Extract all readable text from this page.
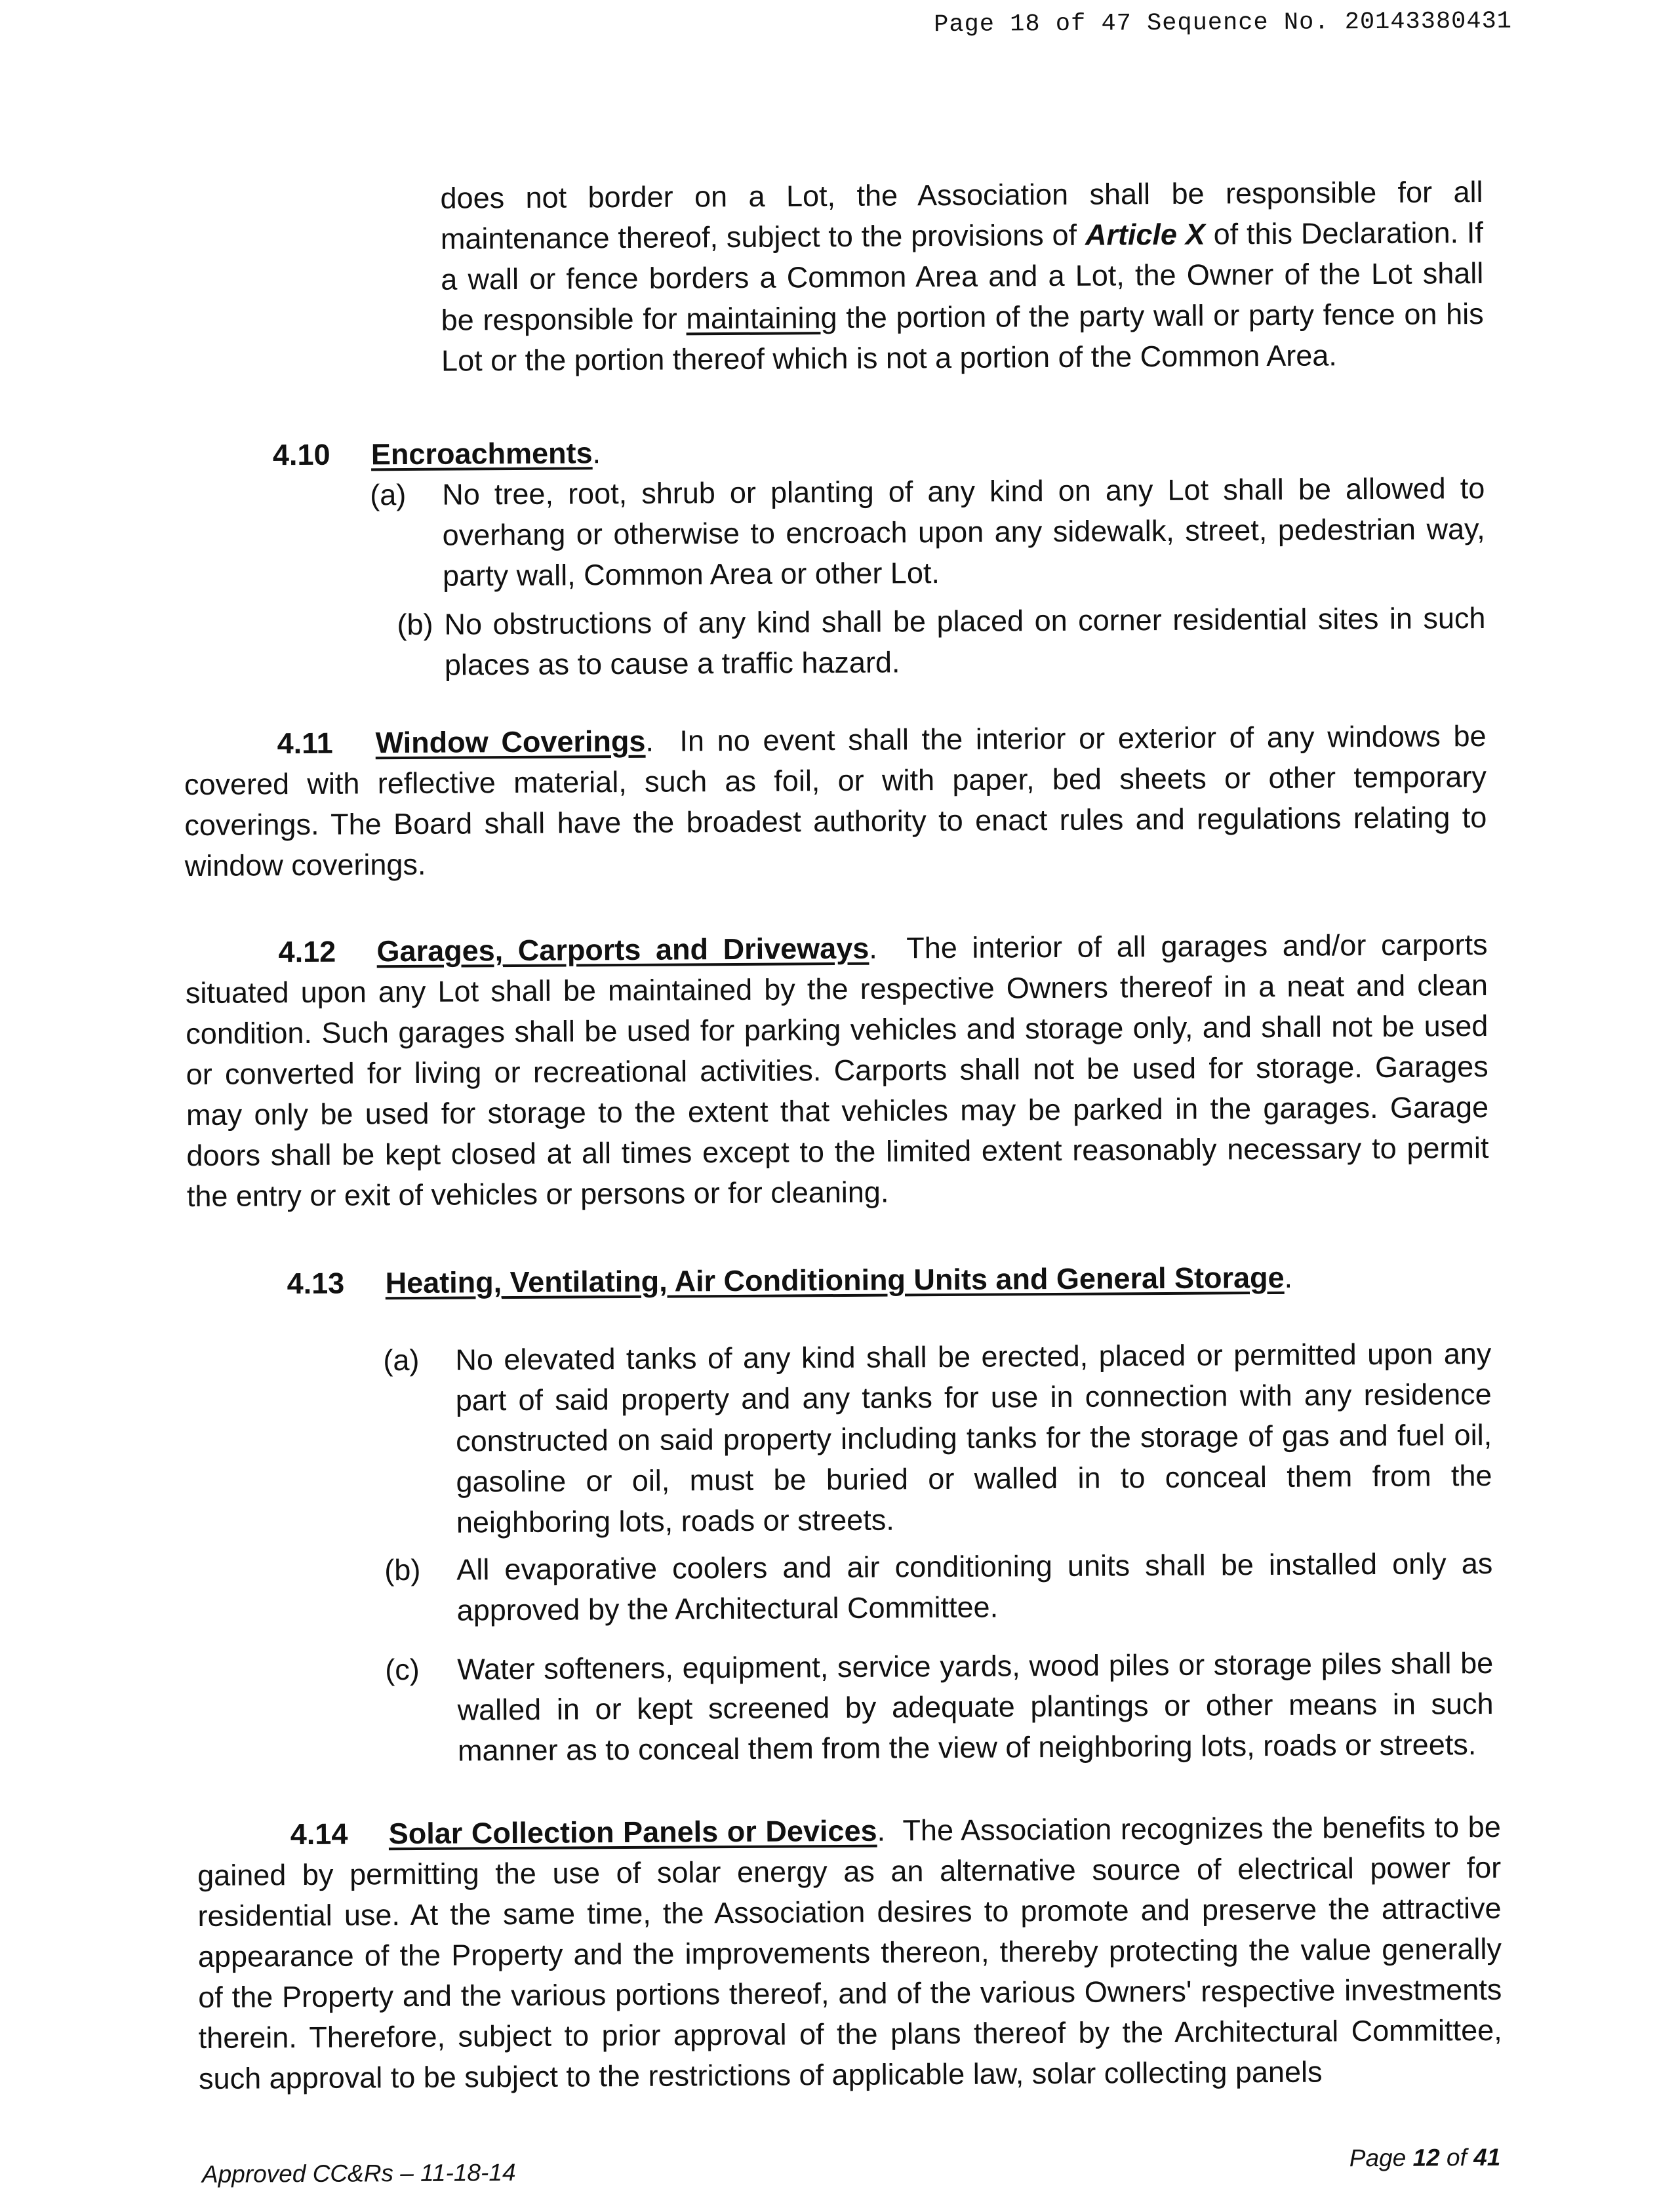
Page 18 of 47 Sequence No. 20143380431

does not border on a Lot, the Association shall be responsible for all maintenance thereof, subject to the provisions of Article X of this Declaration. If a wall or fence borders a Common Area and a Lot, the Owner of the Lot shall be responsible for maintaining the portion of the party wall or party fence on his Lot or the portion thereof which is not a portion of the Common Area.

4.10 Encroachments.
(a) No tree, root, shrub or planting of any kind on any Lot shall be allowed to overhang or otherwise to encroach upon any sidewalk, street, pedestrian way, party wall, Common Area or other Lot.
(b) No obstructions of any kind shall be placed on corner residential sites in such places as to cause a traffic hazard.

4.11 Window Coverings.  In no event shall the interior or exterior of any windows be covered with reflective material, such as foil, or with paper, bed sheets or other temporary coverings. The Board shall have the broadest authority to enact rules and regulations relating to window coverings.

4.12 Garages, Carports and Driveways.  The interior of all garages and/or carports situated upon any Lot shall be maintained by the respective Owners thereof in a neat and clean condition. Such garages shall be used for parking vehicles and storage only, and shall not be used or converted for living or recreational activities. Carports shall not be used for storage. Garages may only be used for storage to the extent that vehicles may be parked in the garages. Garage doors shall be kept closed at all times except to the limited extent reasonably necessary to permit the entry or exit of vehicles or persons or for cleaning.

4.13 Heating, Ventilating, Air Conditioning Units and General Storage.
(a) No elevated tanks of any kind shall be erected, placed or permitted upon any part of said property and any tanks for use in connection with any residence constructed on said property including tanks for the storage of gas and fuel oil, gasoline or oil, must be buried or walled in to conceal them from the neighboring lots, roads or streets.
(b) All evaporative coolers and air conditioning units shall be installed only as approved by the Architectural Committee.
(c) Water softeners, equipment, service yards, wood piles or storage piles shall be walled in or kept screened by adequate plantings or other means in such manner as to conceal them from the view of neighboring lots, roads or streets.

4.14 Solar Collection Panels or Devices.  The Association recognizes the benefits to be gained by permitting the use of solar energy as an alternative source of electrical power for residential use. At the same time, the Association desires to promote and preserve the attractive appearance of the Property and the improvements thereon, thereby protecting the value generally of the Property and the various portions thereof, and of the various Owners' respective investments therein. Therefore, subject to prior approval of the plans thereof by the Architectural Committee, such approval to be subject to the restrictions of applicable law, solar collecting panels

Approved CC&Rs – 11-18-14
Page 12 of 41
